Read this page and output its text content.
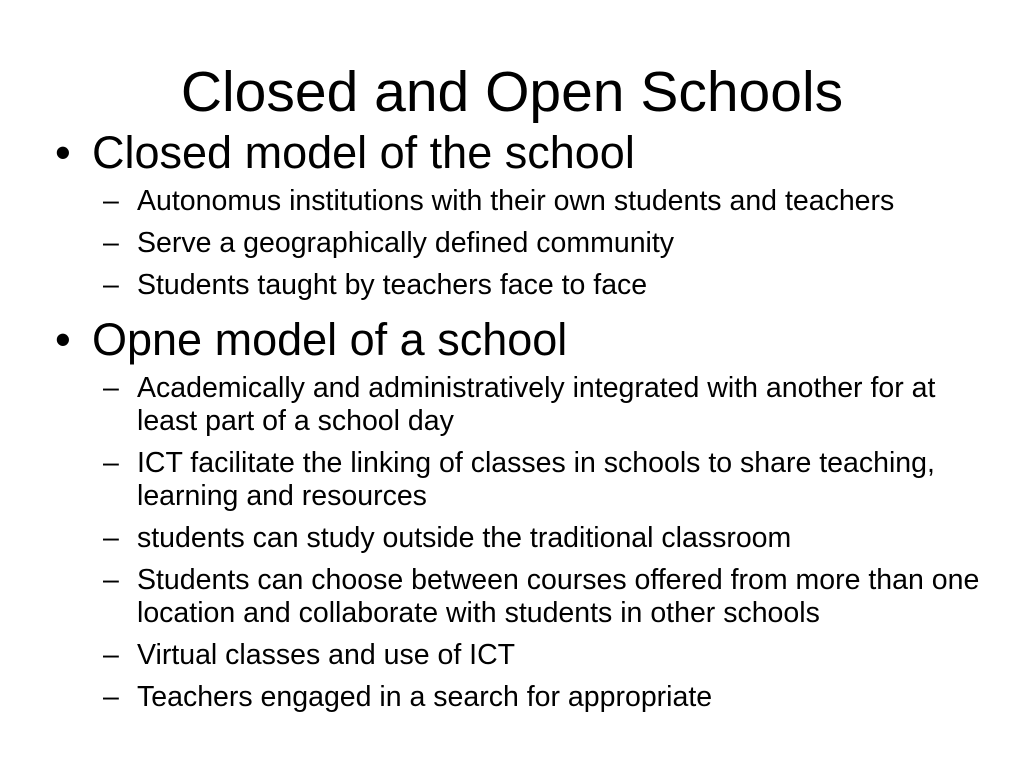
Closed and Open Schools
• Closed model of the school
– Autonomus institutions with their own students and teachers
– Serve a geographically defined community
– Students taught by teachers face to face
• Opne model of a school
– Academically and administratively integrated with another for at least part of a school day
– ICT facilitate the linking of classes in schools to share teaching, learning and resources
– students can study outside the traditional classroom
– Students can choose between courses offered from more than one location and collaborate with students in other schools
– Virtual classes and use of ICT
– Teachers engaged in a search for appropriate
